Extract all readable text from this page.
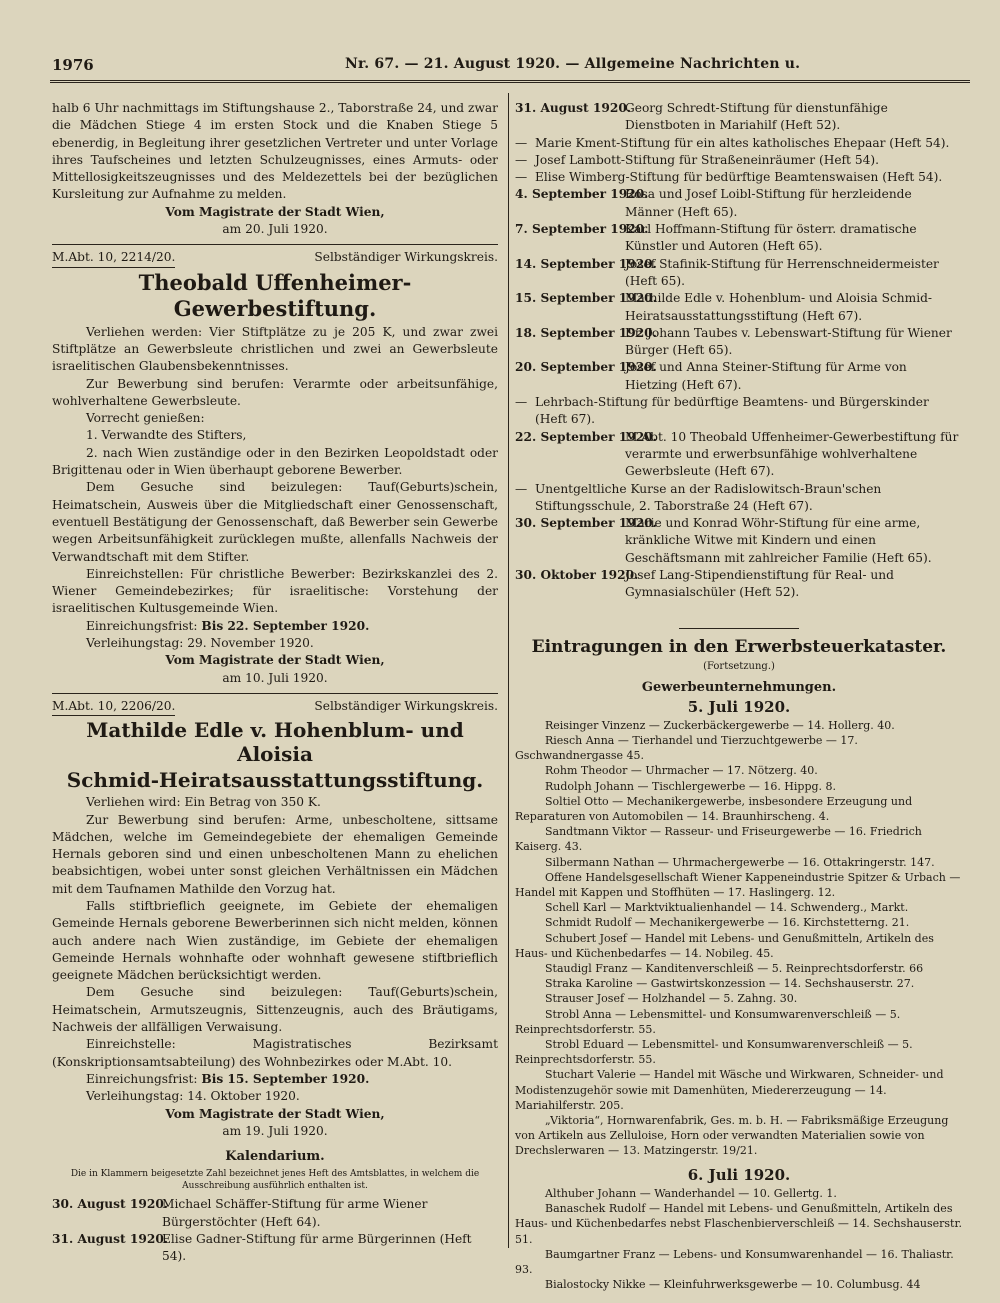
1976	Nr. 67. — 21. August 1920. — Allgemeine Nachrichten u.

halb 6 Uhr nachmittags im Stiftungshause 2., Taborstraße 24, und zwar die Mädchen Stiege 4 im ersten Stock und die Knaben Stiege 5 ebenerdig, in Begleitung ihrer gesetzlichen Vertreter und unter Vorlage ihres Taufscheines und letzten Schulzeugnisses, eines Armuts- oder Mittellosigkeitszeugnisses und des Meldezettels bei der bezüglichen Kursleitung zur Aufnahme zu melden.

Vom Magistrate der Stadt Wien,
am 20. Juli 1920.
M.Abt. 10, 2214/20.	Selbständiger Wirkungskreis.
Theobald Uffenheimer-Gewerbestiftung.

Verliehen werden: Vier Stiftplätze zu je 205 K, und zwar zwei Stiftplätze an Gewerbsleute christlichen und zwei an Gewerbsleute israelitischen Glaubensbekenntnisses.

Zur Bewerbung sind berufen: Verarmte oder arbeitsunfähige, wohlverhaltene Gewerbsleute.

Vorrecht genießen:

1. Verwandte des Stifters,

2. nach Wien zuständige oder in den Bezirken Leopoldstadt oder Brigittenau oder in Wien überhaupt geborene Bewerber.

Dem Gesuche sind beizulegen: Tauf(Geburts)schein, Heimatschein, Ausweis über die Mitgliedschaft einer Genossenschaft, eventuell Bestätigung der Genossenschaft, daß Bewerber sein Gewerbe wegen Arbeitsunfähigkeit zurücklegen mußte, allenfalls Nachweis der Verwandtschaft mit dem Stifter.

Einreichstellen: Für christliche Bewerber: Bezirkskanzlei des 2. Wiener Gemeindebezirkes; für israelitische: Vorstehung der israelitischen Kultusgemeinde Wien.

Einreichungsfrist: Bis 22. September 1920.

Verleihungstag: 29. November 1920.

Vom Magistrate der Stadt Wien,
am 10. Juli 1920.
M.Abt. 10, 2206/20.	Selbständiger Wirkungskreis.
Mathilde Edle v. Hohenblum- und Aloisia
Schmid-Heiratsausstattungsstiftung.

Verliehen wird: Ein Betrag von 350 K.

Zur Bewerbung sind berufen: Arme, unbescholtene, sittsame Mädchen, welche im Gemeindegebiete der ehemaligen Gemeinde Hernals geboren sind und einen unbescholtenen Mann zu ehelichen beabsichtigen, wobei unter sonst gleichen Verhältnissen ein Mädchen mit dem Taufnamen Mathilde den Vorzug hat.

Falls stiftbrieflich geeignete, im Gebiete der ehemaligen Gemeinde Hernals geborene Bewerberinnen sich nicht melden, können auch andere nach Wien zuständige, im Gebiete der ehemaligen Gemeinde Hernals wohnhafte oder wohnhaft gewesene stiftbrieflich geeignete Mädchen berücksichtigt werden.

Dem Gesuche sind beizulegen: Tauf(Geburts)schein, Heimatschein, Armutszeugnis, Sittenzeugnis, auch des Bräutigams, Nachweis der allfälligen Verwaisung.

Einreichstelle: Magistratisches Bezirksamt (Konskriptionsamtsabteilung) des Wohnbezirkes oder M.Abt. 10.

Einreichungsfrist: Bis 15. September 1920.

Verleihungstag: 14. Oktober 1920.

Vom Magistrate der Stadt Wien,
am 19. Juli 1920.
Kalendarium.
Die in Klammern beigesetzte Zahl bezeichnet jenes Heft des Amtsblattes, in welchem die Ausschreibung ausführlich enthalten ist.
30. August 1920.
Michael Schäffer-Stiftung für arme Wiener Bürgerstöchter (Heft 64).
31. August 1920.
Elise Gadner-Stiftung für arme Bürgerinnen (Heft 54).
31. August 1920.
Georg Schredt-Stiftung für dienstunfähige Dienstboten in Mariahilf (Heft 52).
— Marie Kment-Stiftung für ein altes katholisches Ehepaar (Heft 54).
— Josef Lambott-Stiftung für Straßeneinräumer (Heft 54).
— Elise Wimberg-Stiftung für bedürftige Beamtenswaisen (Heft 54).
4. September 1920.
Rosa und Josef Loibl-Stiftung für herzleidende Männer (Heft 65).
7. September 1920.
Karl Hoffmann-Stiftung für österr. dramatische Künstler und Autoren (Heft 65).
14. September 1920.
Josef Stafinik-Stiftung für Herrenschneidermeister (Heft 65).
15. September 1920.
Mathilde Edle v. Hohenblum- und Aloisia Schmid-Heiratsausstattungsstiftung (Heft 67).
18. September 1920.
Dr. Johann Taubes v. Lebenswart-Stiftung für Wiener Bürger (Heft 65).
20. September 1920.
Josef und Anna Steiner-Stiftung für Arme von Hietzing (Heft 67).
— Lehrbach-Stiftung für bedürftige Beamtens- und Bürgerskinder (Heft 67).
22. September 1920.
M.Abt. 10 Theobald Uffenheimer-Gewerbestiftung für verarmte und erwerbsunfähige wohlverhaltene Gewerbsleute (Heft 67).
— Unentgeltliche Kurse an der Radislowitsch-Braun'schen Stiftungsschule, 2. Taborstraße 24 (Heft 67).
30. September 1920.
Marie und Konrad Wöhr-Stiftung für eine arme, kränkliche Witwe mit Kindern und einen Geschäftsmann mit zahlreicher Familie (Heft 65).
30. Oktober 1920.
Josef Lang-Stipendienstiftung für Real- und Gymnasialschüler (Heft 52).
Eintragungen in den Erwerbsteuerkataster.
(Fortsetzung.)
Gewerbeunternehmungen.
5. Juli 1920.

Reisinger Vinzenz — Zuckerbäckergewerbe — 14. Hollerg. 40.

Riesch Anna — Tierhandel und Tierzuchtgewerbe — 17. Gschwandnergasse 45.

Rohm Theodor — Uhrmacher — 17. Nötzerg. 40.

Rudolph Johann — Tischlergewerbe — 16. Hippg. 8.

Soltiel Otto — Mechanikergewerbe, insbesondere Erzeugung und Reparaturen von Automobilen — 14. Braunhirscheng. 4.

Sandtmann Viktor — Rasseur- und Friseurgewerbe — 16. Friedrich Kaiserg. 43.

Silbermann Nathan — Uhrmachergewerbe — 16. Ottakringerstr. 147.

Offene Handelsgesellschaft Wiener Kappeneindustrie Spitzer & Urbach — Handel mit Kappen und Stoffhüten — 17. Haslingerg. 12.

Schell Karl — Marktviktualienhandel — 14. Schwenderg., Markt.

Schmidt Rudolf — Mechanikergewerbe — 16. Kirchstetterng. 21.

Schubert Josef — Handel mit Lebens- und Genußmitteln, Artikeln des Haus- und Küchenbedarfes — 14. Nobileg. 45.

Staudigl Franz — Kanditenverschleiß — 5. Reinprechtsdorferstr. 66

Straka Karoline — Gastwirtskonzession — 14. Sechshauserstr. 27.

Strauser Josef — Holzhandel — 5. Zahng. 30.

Strobl Anna — Lebensmittel- und Konsumwarenverschleiß — 5. Reinprechtsdorferstr. 55.

Strobl Eduard — Lebensmittel- und Konsumwarenverschleiß — 5. Reinprechtsdorferstr. 55.

Stuchart Valerie — Handel mit Wäsche und Wirkwaren, Schneider- und Modistenzugehör sowie mit Damenhüten, Miedererzeugung — 14. Mariahilferstr. 205.

„Viktoria“, Hornwarenfabrik, Ges. m. b. H. — Fabriksmäßige Erzeugung von Artikeln aus Zelluloise, Horn oder verwandten Materialien sowie von Drechslerwaren — 13. Matzingerstr. 19/21.

6. Juli 1920.

Althuber Johann — Wanderhandel — 10. Gellertg. 1.

Banaschek Rudolf — Handel mit Lebens- und Genußmitteln, Artikeln des Haus- und Küchenbedarfes nebst Flaschenbierverschleiß — 14. Sechshauserstr. 51.

Baumgartner Franz — Lebens- und Konsumwarenhandel — 16. Thaliastr. 93.

Bialostocky Nikke — Kleinfuhrwerksgewerbe — 10. Columbusg. 44
